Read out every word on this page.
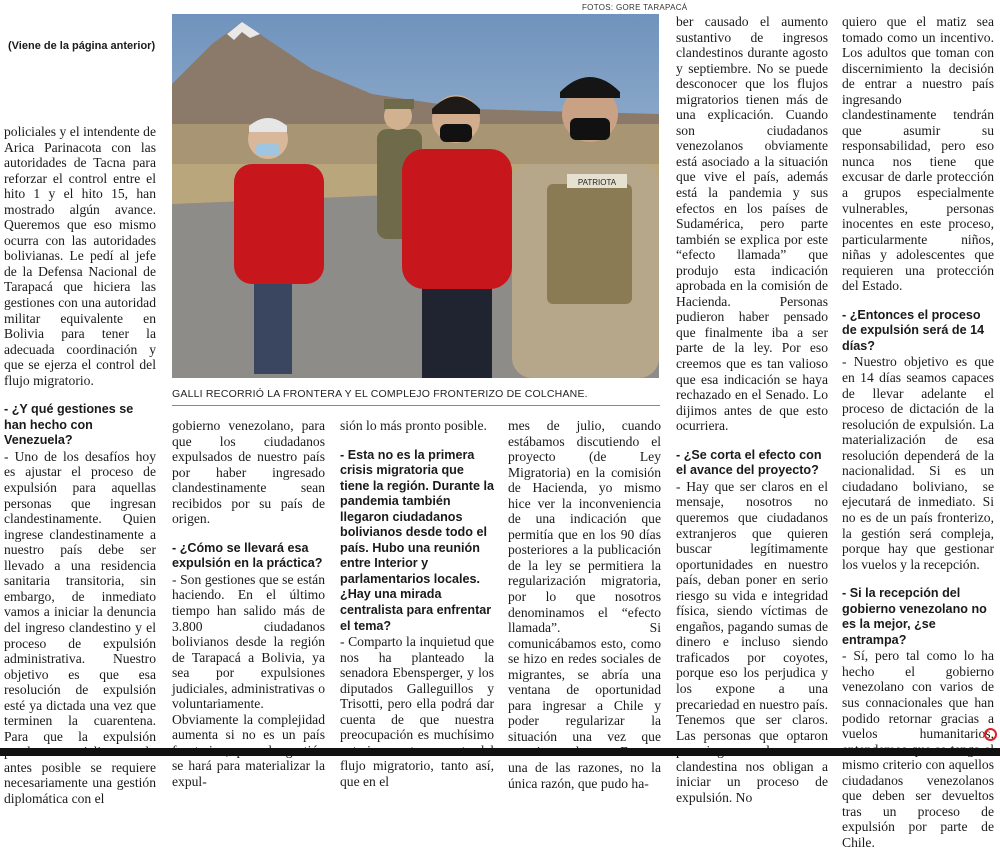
(Viene de la página anterior)
FOTOS: GORE TARAPACÁ

policiales y el intendente de Arica Parinacota con las autoridades de Tacna para reforzar el control entre el hito 1 y el hito 15, han mostrado algún avance. Queremos que eso mismo ocurra con las autoridades bolivianas. Le pedí al jefe de la Defensa Nacional de Tarapacá que hiciera las gestiones con una autoridad militar equivalente en Bolivia para tener la adecuada coordinación y que se ejerza el control del flujo migratorio.

- ¿Y qué gestiones se han hecho con Venezuela?

- Uno de los desafíos hoy es ajustar el proceso de expulsión para aquellas personas que ingresan clandestinamente. Quien ingrese clandestinamente a nuestro país debe ser llevado a una residencia sanitaria transitoria, sin embargo, de inmediato vamos a iniciar la denuncia del ingreso clandestino y el proceso de expulsión administrativa. Nuestro objetivo es que esa resolución de expulsión esté ya dictada una vez que terminen la cuarentena. Para que la expulsión antes posible se requiere necesariamente una gestión diplomática con el

PATRIOTA
GALLI RECORRIÓ LA FRONTERA Y EL COMPLEJO FRONTERIZO DE COLCHANE.

gobierno venezolano, para que los ciudadanos expulsados de nuestro país por haber ingresado clandestinamente sean recibidos por su país de origen.

- ¿Cómo se llevará esa expulsión en la práctica?

- Son gestiones que se están haciendo. En el último tiempo han salido más de 3.800 ciudadanos bolivianos desde la región de Tarapacá a Bolivia, ya sea por expulsiones judiciales, administrativas o voluntariamente. Obviamente la complejidad aumenta si no es un país se hará para materializar la expul-

sión lo más pronto posible.

- Esta no es la primera crisis migratoria que tiene la región. Durante la pandemia también llegaron ciudadanos bolivianos desde todo el país. Hubo una reunión entre Interior y parlamentarios locales. ¿Hay una mirada centralista para enfrentar el tema?

- Comparto la inquietud que nos ha planteado la senadora Ebensperger, y los diputados Galleguillos y Trisotti, pero ella podrá dar cuenta de que nuestra preocupación es muchísimo flujo migratorio, tanto así, que en el

mes de julio, cuando estábamos discutiendo el proyecto (de Ley Migratoria) en la comisión de Hacienda, yo mismo hice ver la inconveniencia de una indicación que permitía que en los 90 días posteriores a la publicación de la ley se permitiera la regularización migratoria, por lo que nosotros denominamos el “efecto llamada”. Si comunicábamos esto, como se hizo en redes sociales de migrantes, se abría una ventana de oportunidad para ingresar a Chile y poder regularizar la situación una vez que una de las razones, no la única razón, que pudo ha-

ber causado el aumento sustantivo de ingresos clandestinos durante agosto y septiembre. No se puede desconocer que los flujos migratorios tienen más de una explicación. Cuando son ciudadanos venezolanos obviamente está asociado a la situación que vive el país, además está la pandemia y sus efectos en los países de Sudamérica, pero parte también se explica por este “efecto llamada” que produjo esta indicación aprobada en la comisión de Hacienda. Personas pudieron haber pensado que finalmente iba a ser parte de la ley. Por eso creemos que es tan valioso que esa indicación se haya rechazado en el Senado. Lo dijimos antes de que esto ocurriera.

- ¿Se corta el efecto con el avance del proyecto?

- Hay que ser claros en el mensaje, nosotros no queremos que ciudadanos extranjeros que quieren buscar legítimamente oportunidades en nuestro país, deban poner en serio riesgo su vida e integridad física, siendo víctimas de engaños, pagando sumas de dinero e incluso siendo traficados por coyotes, porque eso los perjudica y los expone a una precariedad en nuestro país. Tenemos que ser claros. Las personas que optaron clandestina nos obligan a iniciar un proceso de expulsión. No

quiero que el matiz sea tomado como un incentivo. Los adultos que toman con discernimiento la decisión de entrar a nuestro país ingresando clandestinamente tendrán que asumir su responsabilidad, pero eso nunca nos tiene que excusar de darle protección a grupos especialmente vulnerables, personas inocentes en este proceso, particularmente niños, niñas y adolescentes que requieren una protección del Estado.

- ¿Entonces el proceso de expulsión será de 14 días?

- Nuestro objetivo es que en 14 días seamos capaces de llevar adelante el proceso de dictación de la resolución de expulsión. La materialización de esa resolución dependerá de la nacionalidad. Si es un ciudadano boliviano, se ejecutará de inmediato. Si no es de un país fronterizo, la gestión será compleja, porque hay que gestionar los vuelos y la recepción.

- Si la recepción del gobierno venezolano no es la mejor, ¿se entrampa?

- Sí, pero tal como lo ha hecho el gobierno venezolano con varios de sus connacionales que han podido retornar gracias a vuelos humanitarios, mismo criterio con aquellos ciudadanos venezolanos que deben ser devueltos tras un proceso de expulsión por parte de Chile.
